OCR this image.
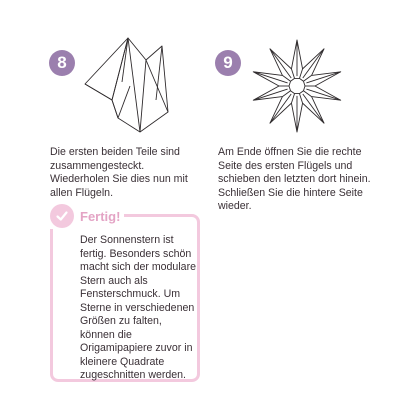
8

Die ersten beiden Teile sind zusammengesteckt. Wiederholen Sie dies nun mit allen Flügeln.

9

Am Ende öffnen Sie die rechte Seite des ersten Flügels und schieben den letzten dort hinein. Schließen Sie die hintere Seite wieder.

Fertig!

Der Sonnenstern ist fertig. Besonders schön macht sich der modulare Stern auch als Fensterschmuck. Um Sterne in verschiedenen Größen zu falten, können die Origamipapiere zuvor in kleinere Quadrate zugeschnitten werden.
